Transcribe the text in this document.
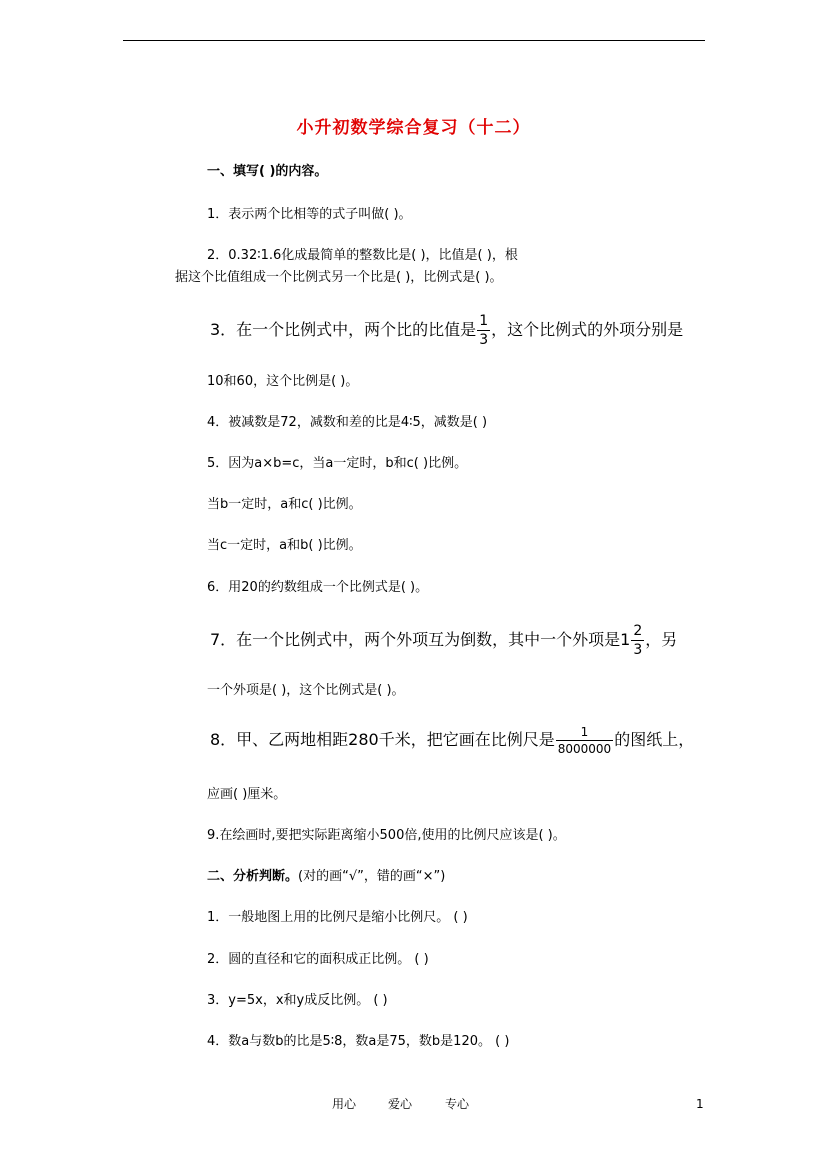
小升初数学综合复习（十二）
一、填写( )的内容。
1．表示两个比相等的式子叫做( )。
2．0.32∶1.6化成最简单的整数比是( )，比值是( )，根
据这个比值组成一个比例式另一个比是( )，比例式是( )。
3．在一个比例式中，两个比的比值是 $\frac{1}{3}$ ，这个比例式的外项分别是
10和60，这个比例是( )。
4．被减数是72，减数和差的比是4∶5，减数是( )
5．因为a×b=c，当a一定时，b和c( )比例。
当b一定时，a和c( )比例。
当c一定时，a和b( )比例。
6．用20的约数组成一个比例式是( )。
7．在一个比例式中，两个外项互为倒数，其中一个外项是$1 \frac{2}{3}$ ，另
一个外项是( )，这个比例式是( )。
8．甲、乙两地相距280千米，把它画在比例尺是 $\frac{1}{8000000}$ 的图纸上，
应画( )厘米。
9.在绘画时,要把实际距离缩小500倍,使用的比例尺应该是( )。
二、分析判断。(对的画“√”，错的画“×”)
1．一般地图上用的比例尺是缩小比例尺。 ( )
2．圆的直径和它的面积成正比例。 ( )
3．y=5x，x和y成反比例。 ( )
4．数a与数b的比是5∶8，数a是75，数b是120。 ( )
用心	爱心	专心	1
